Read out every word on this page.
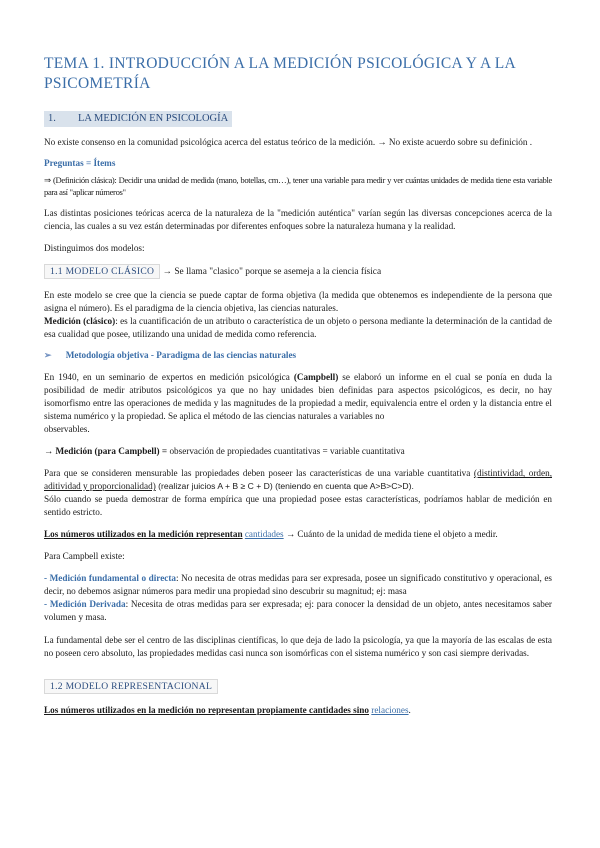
TEMA 1. INTRODUCCIÓN A LA MEDICIÓN PSICOLÓGICA Y A LA PSICOMETRÍA
1. LA MEDICIÓN EN PSICOLOGÍA

No existe consenso en la comunidad psicológica acerca del estatus teórico de la medición. → No existe acuerdo sobre su definición .

Preguntas = Ítems

⇒ (Definición clásica): Decidir una unidad de medida (mano, botellas, cm…), tener una variable para medir y ver cuántas unidades de medida tiene esta variable para así "aplicar números"

Las distintas posiciones teóricas acerca de la naturaleza de la "medición auténtica" varían según las diversas concepciones acerca de la ciencia, las cuales a su vez están determinadas por diferentes enfoques sobre la naturaleza humana y la realidad.

Distinguimos dos modelos:

1.1 MODELO CLÁSICO → Se llama "clasico" porque se asemeja a la ciencia física

En este modelo se cree que la ciencia se puede captar de forma objetiva (la medida que obtenemos es independiente de la persona que asigna el número). Es el paradigma de la ciencia objetiva, las ciencias naturales.

Medición (clásico): es la cuantificación de un atributo o característica de un objeto o persona mediante la determinación de la cantidad de esa cualidad que posee, utilizando una unidad de medida como referencia.

➢ Metodología objetiva - Paradigma de las ciencias naturales

En 1940, en un seminario de expertos en medición psicológica (Campbell) se elaboró un informe en el cual se ponía en duda la posibilidad de medir atributos psicológicos ya que no hay unidades bien definidas para aspectos psicológicos, es decir, no hay isomorfismo entre las operaciones de medida y las magnitudes de la propiedad a medir, equivalencia entre el orden y la distancia entre el sistema numérico y la propiedad. Se aplica el método de las ciencias naturales a variables no

observables.

→ Medición (para Campbell) = observación de propiedades cuantitativas = variable cuantitativa

Para que se consideren mensurable las propiedades deben poseer las características de una variable cuantitativa (distintividad, orden, aditividad y proporcionalidad) (realizar juicios A + B ≥ C + D) (teniendo en cuenta que A>B>C>D).

Sólo cuando se pueda demostrar de forma empírica que una propiedad posee estas características, podríamos hablar de medición en sentido estricto.

Los números utilizados en la medición representan cantidades → Cuánto de la unidad de medida tiene el objeto a medir.

Para Campbell existe:

- Medición fundamental o directa: No necesita de otras medidas para ser expresada, posee un significado constitutivo y operacional, es decir, no debemos asignar números para medir una propiedad sino descubrir su magnitud; ej: masa

- Medición Derivada: Necesita de otras medidas para ser expresada; ej: para conocer la densidad de un objeto, antes necesitamos saber volumen y masa.

La fundamental debe ser el centro de las disciplinas científicas, lo que deja de lado la psicología, ya que la mayoría de las escalas de esta no poseen cero absoluto, las propiedades medidas casi nunca son isomórficas con el sistema numérico y son casi siempre derivadas.

1.2 MODELO REPRESENTACIONAL

Los números utilizados en la medición no representan propiamente cantidades sino relaciones.
